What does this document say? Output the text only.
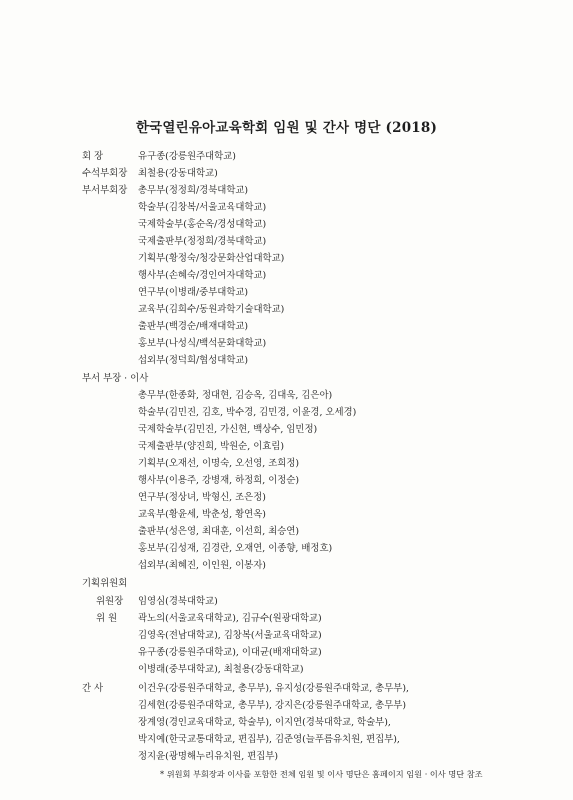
한국열린유아교육학회 임원 및 간사 명단 (2018)
회 장	유구종(강릉원주대학교)
수석부회장 최철용(강동대학교)
부서부회장 총무부(정정희/경북대학교)
학술부(김창복/서울교육대학교)
국제학술부(홍순옥/경성대학교)
국제출판부(정정희/경북대학교)
기획부(황정숙/청강문화산업대학교)
행사부(손혜숙/경인여자대학교)
연구부(이병래/중부대학교)
교육부(김희수/동원과학기술대학교)
출판부(백경순/배재대학교)
홍보부(나성식/백석문화대학교)
섭외부(정덕희/협성대학교)
부서 부장 · 이사
총무부(한종화, 정대현, 김승옥, 김대욱, 김은아)
학술부(김민진, 김호, 박수경, 김민경, 이윤경, 오세경)
국제학술부(김민진, 가신현, 백상수, 임민정)
국제출판부(양진희, 박원순, 이효림)
기획부(오재선, 이명숙, 오선영, 조희정)
행사부(이용주, 강병재, 하정희, 이정순)
연구부(정상녀, 박형신, 조은정)
교육부(황윤세, 박춘성, 황연옥)
출판부(성은영, 최대훈, 이선희, 최승연)
홍보부(김성재, 김경란, 오재연, 이종향, 배정호)
섭외부(최혜진, 이인원, 이봉자)
기획위원회
위원장 임영심(경북대학교)
위 원 곽노의(서울교육대학교), 김규수(원광대학교)
김영옥(전남대학교), 김창복(서울교육대학교)
유구종(강릉원주대학교), 이대균(배재대학교)
이병래(중부대학교), 최철용(강동대학교)
간 사	이건우(강릉원주대학교, 총무부), 유지성(강릉원주대학교, 총무부),
김세현(강릉원주대학교, 총무부), 강지은(강릉원주대학교, 총무부)
장계영(경인교육대학교, 학술부), 이지연(경북대학교, 학술부),
박지예(한국교통대학교, 편집부), 김준영(늘푸름유치원, 편집부),
정지윤(광명해누리유치원, 편집부)
* 위원회 부회장과 이사를 포함한 전체 임원 및 이사 명단은 홈페이지 임원 · 이사 명단 참조
